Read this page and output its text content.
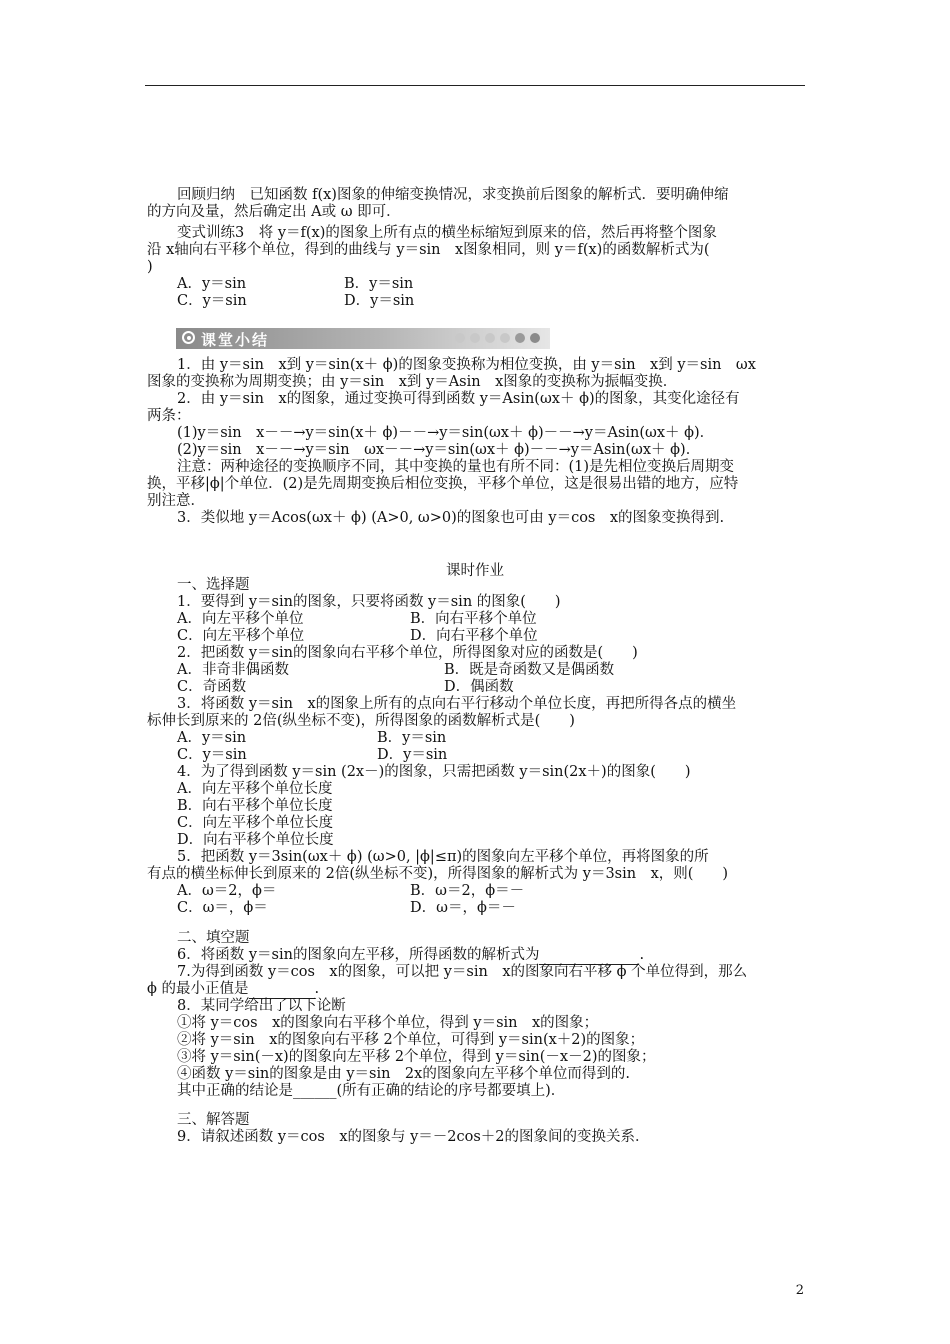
回顾归纳　已知函数 f(x)图象的伸缩变换情况，求变换前后图象的解析式．要明确伸缩
的方向及量，然后确定出 A或 ω 即可．
变式训练3　将 y＝f(x)的图象上所有点的横坐标缩短到原来的倍，然后再将整个图象
沿 x轴向右平移个单位，得到的曲线与 y＝sin　x图象相同，则 y＝f(x)的函数解析式为(
)
A．y＝sin	B．y＝sin
C．y＝sin	D．y＝sin
课堂小结
1．由 y＝sin　x到 y＝sin(x＋ ϕ)的图象变换称为相位变换，由 y＝sin　x到 y＝sin　ωx
图象的变换称为周期变换；由 y＝sin　x到 y＝Asin　x图象的变换称为振幅变换．
2．由 y＝sin　x的图象，通过变换可得到函数 y＝Asin(ωx＋ ϕ)的图象，其变化途径有
两条：
(1)y＝sin　x－－→y＝sin(x＋ ϕ)－－→y＝sin(ωx＋ ϕ)－－→y＝Asin(ωx＋ ϕ)．
(2)y＝sin　x－－→y＝sin　ωx－－→y＝sin(ωx＋ ϕ)－－→y＝Asin(ωx＋ ϕ)．
注意：两种途径的变换顺序不同，其中变换的量也有所不同：(1)是先相位变换后周期变
换，平移|ϕ|个单位．(2)是先周期变换后相位变换，平移个单位，这是很易出错的地方，应特
别注意．
3．类似地 y＝Acos(ωx＋ ϕ) (A>0, ω>0)的图象也可由 y＝cos　x的图象变换得到.
课时作业
一、选择题
1．要得到 y＝sin的图象，只要将函数 y＝sin 的图象(　　)
A．向左平移个单位	B．向右平移个单位
C．向左平移个单位	D．向右平移个单位
2．把函数 y＝sin的图象向右平移个单位，所得图象对应的函数是(　　)
A．非奇非偶函数	B．既是奇函数又是偶函数
C．奇函数	D．偶函数
3．将函数 y＝sin　x的图象上所有的点向右平行移动个单位长度，再把所得各点的横坐
标伸长到原来的 2倍(纵坐标不变)，所得图象的函数解析式是(　　)
A．y＝sin	B．y＝sin
C．y＝sin	D．y＝sin
4．为了得到函数 y＝sin (2x－)的图象，只需把函数 y＝sin(2x＋)的图象(　　)
A．向左平移个单位长度
B．向右平移个单位长度
C．向左平移个单位长度
D．向右平移个单位长度
5．把函数 y＝3sin(ωx＋ ϕ) (ω>0, |ϕ|≤π)的图象向左平移个单位，再将图象的所
有点的横坐标伸长到原来的 2倍(纵坐标不变)，所得图象的解析式为 y＝3sin　x，则(　　)
A．ω＝2，ϕ＝	B．ω＝2，ϕ＝－
C．ω＝，ϕ＝	D．ω＝，ϕ＝－
二、填空题
6．将函数 y＝sin的图象向左平移，所得函数的解析式为	.
7.为得到函数 y＝cos　x的图象，可以把 y＝sin　x的图象向右平移 ϕ 个单位得到，那么
ϕ 的最小正值是	.
8．某同学给出了以下论断
①将 y＝cos　x的图象向右平移个单位，得到 y＝sin　x的图象；
②将 y＝sin　x的图象向右平移 2个单位，可得到 y＝sin(x＋2)的图象；
③将 y＝sin(－x)的图象向左平移 2个单位，得到 y＝sin(－x－2)的图象；
④函数 y＝sin的图象是由 y＝sin　2x的图象向左平移个单位而得到的.
其中正确的结论是______(所有正确的结论的序号都要填上)．
三、解答题
9．请叙述函数 y＝cos　x的图象与 y＝－2cos＋2的图象间的变换关系．
2
